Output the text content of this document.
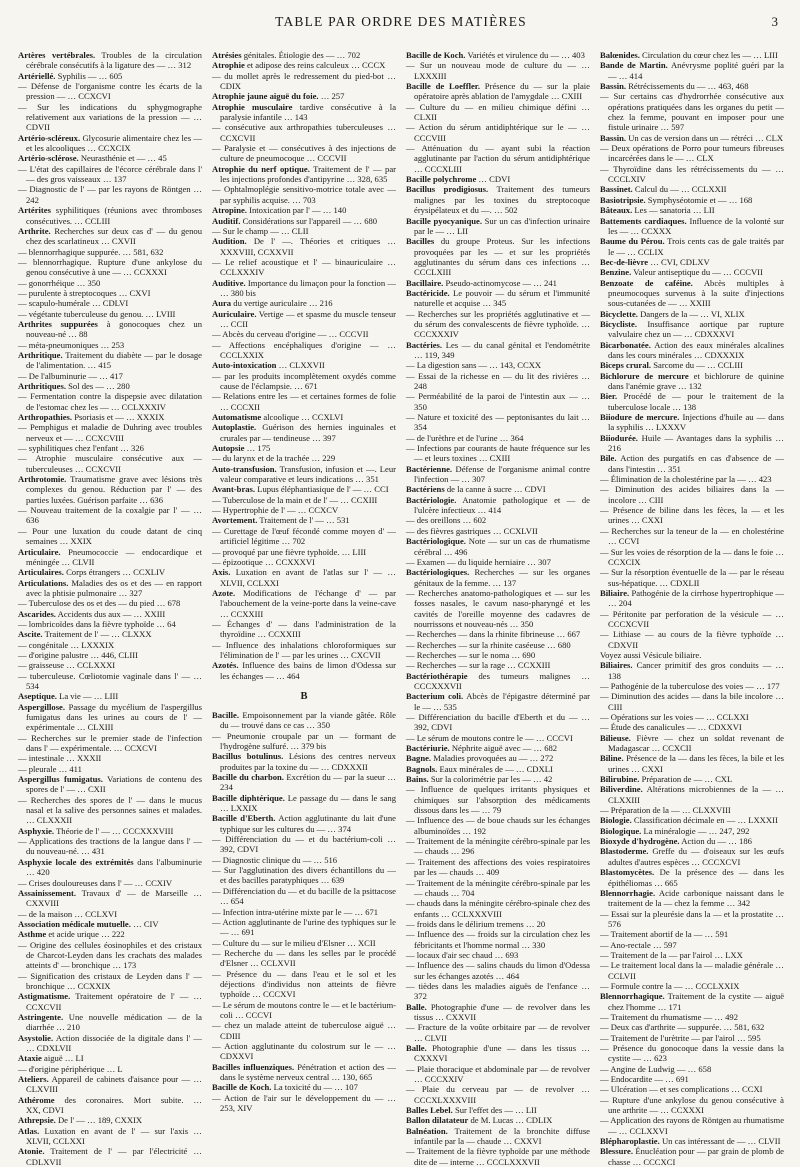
TABLE PAR ORDRE DES MATIÈRES	3

Artères vertébrales. Troubles de la circulation cérébrale consécutifs à la ligature des — … 312

Artériellé. Syphilis — … 605

— Défense de l'organisme contre les écarts de la pression — … CCXCVI

— Sur les indications du sphygmographe relativement aux variations de la pression — … CDVII

Artério-scléreux. Glycosurie alimentaire chez les — et les alcooliques … CCXCIX

Artério-sclérose. Neurasthénie et — … 45

— L'état des capillaires de l'écorce cérébrale dans l' — des gros vaisseaux … 137

— Diagnostic de l' — par les rayons de Röntgen … 242

Artérites syphilitiques (réunions avec thromboses consécutives. … CCLIII

Arthrite. Recherches sur deux cas d' — du genou chez des scarlatineux … CXVII

— blennorrhagique suppurée. … 581, 632

— blennorrhagique. Rupture d'une ankylose du genou consécutive à une — … CCXXXI

— gonorrhéique … 350

— purulente à streptocoques … CXVI

— scapulo-humérale … CDLVI

— végétante tuberculeuse du genou. … LVIII

Arthrites suppurées à gonocoques chez un nouveau-né … 88

— méta-pneumoniques … 253

Arthritique. Traitement du diabète — par le dosage de l'alimentation. … 415

— De l'albuminurie — … 417

Arthritiques. Sol des — … 280

— Fermentation contre la dispepsie avec dilatation de l'estomac chez les — … CCLXXXIV

Arthropathies. Psoriasis et — … XXXIX

— Pemphigus et maladie de Duhring avec troubles nerveux et — … CCXCVIII

— syphilitiques chez l'enfant … 326

— Atrophie musculaire consécutive aux — tuberculeuses … CCXCVII

Arthrotomie. Traumatisme grave avec lésions très complexes du genou. Réduction par l' — des parties luxées. Guérison parfaite … 636

— Nouveau traitement de la coxalgie par l' — … 636

— Pour une luxation du coude datant de cinq semaines … XXIX

Articulaire. Pneumococcie — endocardique et méningée … CLVII

Articulaires. Corps étrangers … CCXLIV

Articulations. Maladies des os et des — en rapport avec la phtisie pulmonaire … 327

— Tuberculose des os et des — du pied … 678

Ascarides. Accidents dus aux — … XXIII

— lombricoïdes dans la fièvre typhoïde … 64

Ascite. Traitement de l' — … CLXXX

— congénitale … LXXXIX

— d'origine palustre … 446, CLIII

— graisseuse … CCLXXXI

— tuberculeuse. Cœliotomie vaginale dans l' — … 534

Aseptique. La vie — … LIII

Aspergillose. Passage du mycélium de l'aspergillus fumigatus dans les urines au cours de l' — expérimentale … CLXIII

— Recherches sur le premier stade de l'infection dans l' — expérimentale. … CCXCVI

— intestinale … XXXII

— pleurale … 411

Aspergillus fumigatus. Variations de contenu des spores de l' — … CXII

— Recherches des spores de l' — dans le mucus nasal et la salive des personnes saines et malades. … CLXXXII

Asphyxie. Théorie de l' — … CCCXXXVIII

— Applications des tractions de la langue dans l' — du nouveau-né. … 431

Asphyxie locale des extrémités dans l'albuminurie … 420

— Crises douloureuses dans l' — … CCXIV

Assainissement. Travaux d' — de Marseille … CXXVIII

— de la maison … CCLXVI

Association médicale mutuelle. … CIV

Asthme et acide urique … 222

— Origine des cellules éosinophiles et des cristaux de Charcot-Leyden dans les crachats des malades atteints d' — bronchique … 173

— Signification des cristaux de Leyden dans l' — bronchique … CCXXIX

Astigmatisme. Traitement opératoire de l' — … CCXCVII

Astringente. Une nouvelle médication — de la diarrhée … 210

Asystolie. Action dissociée de la digitale dans l' — … CDXLVII

Ataxie aiguë … LI

— d'origine périphérique … L

Ateliers. Appareil de cabinets d'aisance pour — … CLXVIII

Athérome des coronaires. Mort subite. … XX, CDVI

Athrepsie. De l' — … 189, CXXIX

Atlas. Luxation en avant de l' — sur l'axis … XLVII, CCLXXI

Atonie. Traitement de l' — par l'électricité … CDLXVII

Atrésies génitales. Étiologie des — … 702

Atrophie et adipose des reins calculeux … CCCX

— du mollet après le redressement du pied-bot … CDIX

Atrophie jaune aiguë du foie. … 257

Atrophie musculaire tardive consécutive à la paralysie infantile … 143

— consécutive aux arthropathies tuberculeuses … CCXCVII

— Paralysie et — consécutives à des injections de culture de pneumocoque … CCCVII

Atrophie du nerf optique. Traitement de l' — par les injections profondes d'antipyrine … 328, 635

— Ophtalmoplégie sensitivo-motrice totale avec — par syphilis acquise. … 703

Atropine. Intoxication par l' — … 140

Auditif. Considérations sur l'appareil — … 680

— Sur le champ — … CLII

Audition. De l' —. Théories et critiques … XXXVIII, CCXXVII

— Le relief acoustique et l' — binauriculaire … CCLXXXIV

Auditive. Importance du limaçon pour la fonction — … 380 bis

Aura du vertige auriculaire … 216

Auriculaire. Vertige — et spasme du muscle tenseur … CCII

— Abcès du cerveau d'origine — … CCCVII

— Affections encéphaliques d'origine — … CCCLXXIX

Auto-intoxication … CLXXVII

— par les produits incomplètement oxydés comme cause de l'éclampsie. … 671

— Relations entre les — et certaines formes de folie … CCCXII

Automatisme alcoolique … CCXLVI

Autoplastie. Guérison des hernies inguinales et crurales par — tendineuse … 397

Autopsie … 175

— du larynx et de la trachée … 229

Auto-transfusion. Transfusion, infusion et —. Leur valeur comparative et leurs indications … 351

Avant-bras. Lupus éléphantiasique de l' — … CCI

— Tuberculose de la main et de l' — … CCXIII

— Hypertrophie de l' — … CCXCV

Avortement. Traitement de l' — … 531

— Curettage de l'œuf fécondé comme moyen d' — artificiel légitime … 702

— provoqué par une fièvre typhoïde. … LIII

— épizootique … CCXXXVI

Axis. Luxation en avant de l'atlas sur l' — … XLVII, CCLXXI

Azote. Modifications de l'échange d' — par l'abouchement de la veine-porte dans la veine-cave … CCXXIII

— Échanges d' — dans l'administration de la thyroïdine … CCXXIII

— Influence des inhalations chloroformiques sur l'élimination de l' — par les urines … CXCVII

Azotés. Influence des bains de limon d'Odessa sur les échanges — … 464

B

Bacille. Empoisonnement par la viande gâtée. Rôle du — trouvé dans ce cas … 350

— Pneumonie croupale par un — formant de l'hydrogène sulfuré. … 379 bis

Bacillus botulinus. Lésions des centres nerveux produites par la toxine du — … CDXXXII

Bacille du charbon. Excrétion du — par la sueur … 234

Bacille diphtérique. Le passage du — dans le sang … LXXIX

Bacille d'Eberth. Action agglutinante du lait d'une typhique sur les cultures du — … 374

— Différenciation du — et du bactérium-coli … 392, CDVI

— Diagnostic clinique du — … 516

— Sur l'agglutination des divers échantillons du — et des bacilles paratyphiques … 639

— Différenciation du — et du bacille de la psittacose … 654

— Infection intra-utérine mixte par le — … 671

— Action agglutinante de l'urine des typhiques sur le — … 691

— Culture du — sur le milieu d'Elsner … XCII

— Recherche du — dans les selles par le procédé d'Elsner … CCLXVII

— Présence du — dans l'eau et le sol et les déjections d'individus non atteints de fièvre typhoïde … CCCXVI

— Le sérum de moutons contre le — et le bactérium-coli … CCCVI

— chez un malade atteint de tuberculose aiguë … CDIII

— Action agglutinante du colostrum sur le — … CDXXVI

Bacilles influenziques. Pénétration et action des — dans le système nerveux central … 130, 665

Bacille de Koch. La toxicité du — … 107

— Action de l'air sur le développement du — … 253, XIV

Bacille de Koch. Variétés et virulence du — … 403

— Sur un nouveau mode de culture du — … LXXXIII

Bacille de Loeffler. Présence du — sur la plaie opératoire après ablation de l'amygdale … CXIII

— Culture du — en milieu chimique défini … CLXII

— Action du sérum antidiphtérique sur le — … CCCVIII

— Atténuation du — ayant subi la réaction agglutinante par l'action du sérum antidiphtérique … CCCXLIII

Bacille polychrome … CDVI

Bacillus prodigiosus. Traitement des tumeurs malignes par les toxines du streptocoque érysipélateux et du —. … 502

Bacille pyocyanique. Sur un cas d'infection urinaire par le — … LII

Bacilles du groupe Proteus. Sur les infections provoquées par les — et sur les propriétés agglutinantes du sérum dans ces infections … CCCLXIII

Bacillaire. Pseudo-actinomycose — … 241

Bactéricide. Le pouvoir — du sérum et l'immunité naturelle et acquise … 345

— Recherches sur les propriétés agglutinative et — du sérum des convalescents de fièvre typhoïde. … CCCXXXIV

Bactéries. Les — du canal génital et l'endométrite … 119, 349

— La digestion sans — … 143, CCXX

— Essai de la richesse en — du lit des rivières … 248

— Perméabilité de la paroi de l'intestin aux — … 350

— Nature et toxicité des — peptonisantes du lait … 354

— de l'urèthre et de l'urine … 364

— Infections par courants de haute fréquence sur les — et leurs toxines … CXIII

Bactérienne. Défense de l'organisme animal contre l'infection — … 307

Bactériens de la canne à sucre … CDVI

Bactériologie. Anatomie pathologique et — de l'ulcère infectieux … 414

— des oreillons … 602

— des fièvres gastriques … CCXLVII

Bactériologique. Note — sur un cas de rhumatisme cérébral … 496

— Examen — du liquide herniaire … 307

Bactériologiques. Recherches — sur les organes génitaux de la femme. … 137

— Recherches anatomo-pathologiques et — sur les fosses nasales, le cavum naso-pharyngé et les cavités de l'oreille moyenne des cadavres de nourrissons et nouveau-nés … 350

— Recherches — dans la rhinite fibrineuse … 667

— Recherches — sur la rhinite caséeuse … 680

— Recherches — sur le noma … 690

— Recherches — sur la rage … CCXXIII

Bactériothérapie des tumeurs malignes … CCCXXXVII

Bacterium coli. Abcès de l'épigastre déterminé par le — … 535

— Différenciation du bacille d'Eberth et du — … 392, CDVI

— Le sérum de moutons contre le — … CCCVI

Bactériurie. Néphrite aiguë avec — … 682

Bagne. Maladies provoquées au — … 272

Bagnols. Eaux minérales de — … CDXLI

Bains. Sur la colorimétrie par les — … 42

— Influence de quelques irritants physiques et chimiques sur l'absorption des médicaments dissous dans les — … 79

— Influence des — de boue chauds sur les échanges albuminoïdes … 192

— Traitement de la méningite cérébro-spinale par les — chauds … 296

— Traitement des affections des voies respiratoires par les — chauds … 409

— Traitement de la méningite cérébro-spinale par les — chauds … 704

— chauds dans la méningite cérébro-spinale chez des enfants … CCLXXXVIII

— froids dans le délirium tremens … 20

— Influence des — froids sur la circulation chez les fébricitants et l'homme normal … 330

— locaux d'air sec chaud … 693

— Influence des — salins chauds du limon d'Odessa sur les échanges azotés … 464

— tièdes dans les maladies aiguës de l'enfance … 372

Balle. Photographie d'une — de revolver dans les tissus … CXXVII

— Fracture de la voûte orbitaire par — de revolver … CLVII

Balle. Photographie d'une — dans les tissus … CXXXVI

— Plaie thoracique et abdominale par — de revolver … CCCXXIV

— Plaie du cerveau par — de revolver … CCCXLXXXVIII

Balles Lebel. Sur l'effet des — … LII

Ballon dilatateur de M. Lucas … CDLIX

Balnéation. Traitement de la bronchite diffuse infantile par la — chaude … CXXVI

— Traitement de la fièvre typhoïde par une méthode dite de — interne … CCCLXXXVII

Balœnides. Circulation du cœur chez les — … LIII

Bande de Martin. Anévrysme poplité guéri par la — … 414

Bassin. Rétrécissements du — … 463, 468

— Sur certains cas d'hydrorrhée consécutive aux opérations pratiquées dans les organes du petit — chez la femme, pouvant en imposer pour une fistule urinaire … 597

Bassin. Un cas de version dans un — rétréci … CLX

— Deux opérations de Porro pour tumeurs fibreuses incarcérées dans le — … CLX

— Thyroïdine dans les rétrécissements du — … CCCLXIV

Bassinet. Calcul du — … CCLXXII

Basiotripsie. Symphyséotomie et — … 168

Bâteaux. Les — sanatoria … LII

Battements cardiaques. Influence de la volonté sur les — … CCXXX

Baume du Pérou. Trois cents cas de gale traités par le — … CCLIX

Bec-de-lièvre … CVI, CDLXV

Benzine. Valeur antiseptique du — … CCCVII

Benzoate de caféine. Abcès multiples à pneumocoques survenus à la suite d'injections sous-cutanées de — … XXIII

Bicyclette. Dangers de la — … VI, XLIX

Bicycliste. Insuffisance aortique par rupture valvulaire chez un — … CDXXXVI

Bicarbonatée. Action des eaux minérales alcalines dans les cours minérales … CDXXXIX

Biceps crural. Sarcome du — … CCLIII

Bichlorure de mercure et bichlorure de quinine dans l'anémie grave … 132

Bier. Procédé de — pour le traitement de la tuberculose locale … 138

Biiodure de mercure. Injections d'huile au — dans la syphilis … LXXXV

Biiodurée. Huile — Avantages dans la syphilis … 216

Bile. Action des purgatifs en cas d'absence de — dans l'intestin … 351

— Élimination de la cholestérine par la — … 423

— Diminution des acides biliaires dans la — incolore … CIII

— Présence de biline dans les fèces, la — et les urines … CXXI

— Recherches sur la teneur de la — en cholestérine … CCVI

— Sur les voies de résorption de la — dans le foie … CCXCIX

— Sur la résorption éventuelle de la — par le réseau sus-hépatique. … CDXLII

Biliaire. Pathogénie de la cirrhose hypertrophique — … 204

— Péritonite par perforation de la vésicule — … CCCXCVII

— Lithiase — au cours de la fièvre typhoïde … CDXVII

Voyez aussi Vésicule biliaire.

Biliaires. Cancer primitif des gros conduits — … 138

— Pathogénie de la tuberculose des voies — … 177

— Diminution des acides — dans la bile incolore … CIII

— Opérations sur les voies — … CCLXXI

— Étude des canalicules — … CDXXVI

Bilieuse. Fièvre — chez un soldat revenant de Madagascar … CCXCII

Biline. Présence de la — dans les fèces, la bile et les urines … CXXI

Bilirubine. Préparation de — … CXL

Biliverdine. Altérations microbiennes de la — … CLXXIII

— Préparation de la — … CLXXVIII

Biologie. Classification décimale en — … LXXXII

Biologique. La minéralogie — … 247, 292

Bioxyde d'hydrogène. Action du — … 186

Blastoderme. Greffe du — d'oiseaux sur les œufs adultes d'autres espèces … CCCXCVI

Blastomycètes. De la présence des — dans les épithéliomas … 665

Blennorrhagie. Acide carbonique naissant dans le traitement de la — chez la femme … 342

— Essai sur la pleurésie dans la — et la prostatite … 576

— Traitement abortif de la — … 591

— Ano-rectale … 597

— Traitement de la — par l'airol … LXX

— Le traitement local dans la — maladie générale … CCLVII

— Formule contre la — … CCCLXXIX

Blennorrhagique. Traitement de la cystite — aiguë chez l'homme … 171

— Traitement du rhumatisme — … 492

— Deux cas d'arthrite — suppurée. … 581, 632

— Traitement de l'urètrite — par l'airol … 595

— Présence du gonocoque dans la vessie dans la cystite — … 623

— Angine de Ludwig — … 658

— Endocardite — … 691

— Ulcération — et ses complications … CCXI

— Rupture d'une ankylose du genou consécutive à une arthrite — … CCXXXI

— Application des rayons de Röntgen au rhumatisme — … CCLXXVI

Blépharoplastie. Un cas intéressant de — … CLVII

Blessure. Énucléation pour — par grain de plomb de chasse … CCCXCI
